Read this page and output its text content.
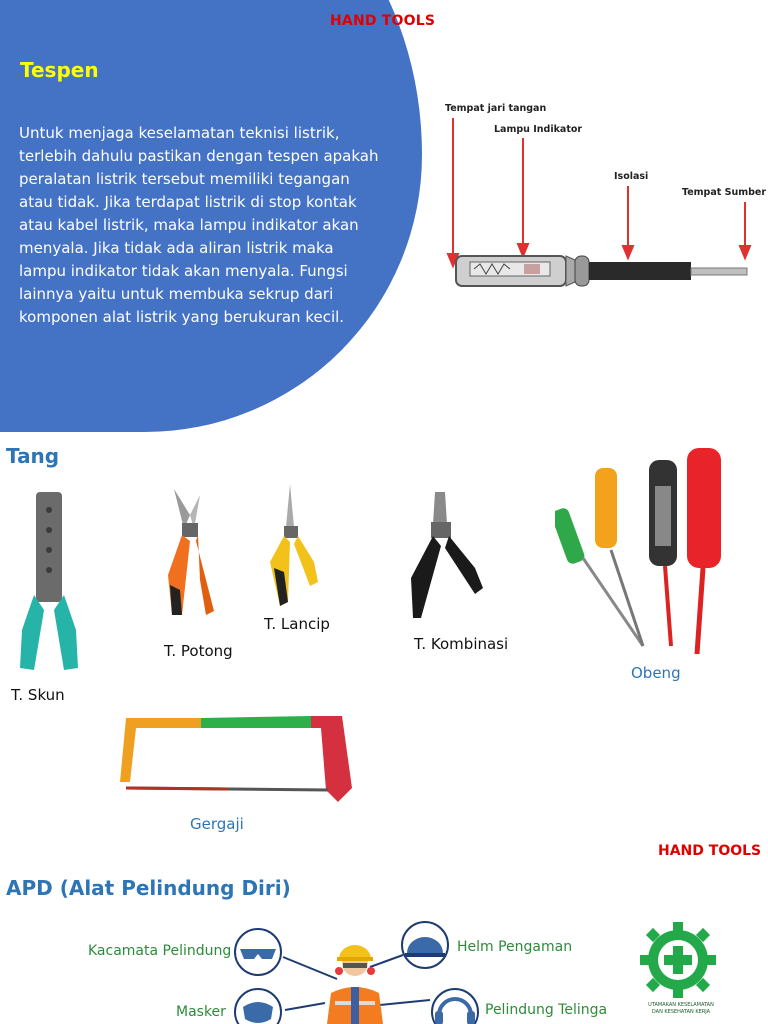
HAND TOOLS
Tespen
Untuk menjaga keselamatan teknisi listrik, terlebih dahulu pastikan dengan tespen apakah peralatan listrik tersebut memiliki tegangan atau tidak. Jika terdapat listrik di stop kontak atau kabel listrik, maka lampu indikator akan menyala. Jika tidak ada aliran listrik maka lampu indikator tidak akan menyala. Fungsi lainnya yaitu untuk membuka sekrup dari komponen alat listrik yang berukuran kecil.
Tempat jari tangan
Lampu Indikator
Isolasi
Tempat Sumber
Tang
T. Skun
T. Potong
T. Lancip
T. Kombinasi
Obeng
Gergaji
HAND TOOLS
APD (Alat Pelindung Diri)
Kacamata Pelindung	Helm Pengaman
Masker	Pelindung Telinga	UTAMAKAN KESELAMATAN
DAN KESEHATAN KERJA
